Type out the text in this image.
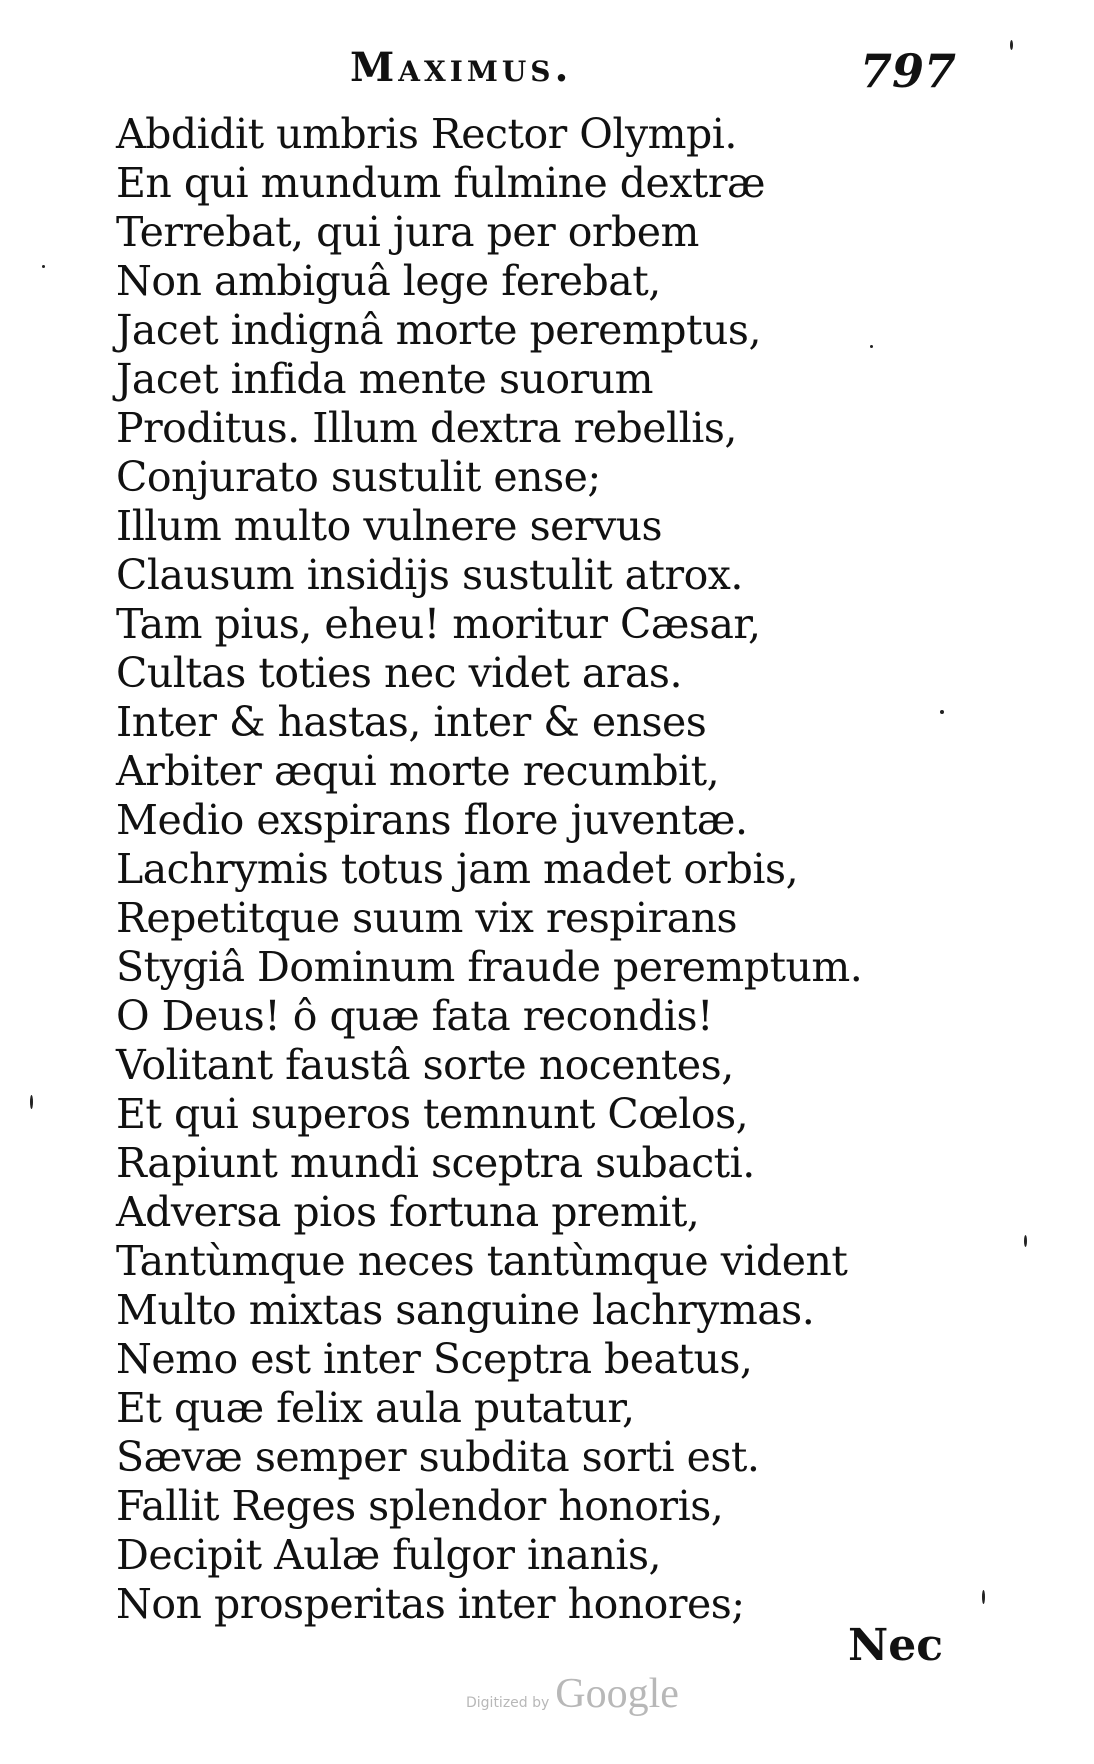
Maximus.	797
Abdidit umbris Rector Olympi.
En qui mundum fulmine dextræ
Terrebat, qui jura per orbem
Non ambiguâ lege ferebat,
Jacet indignâ morte peremptus,
Jacet infida mente suorum
Proditus. Illum dextra rebellis,
Conjurato sustulit ense;
Illum multo vulnere servus
Clausum insidijs sustulit atrox.
Tam pius, eheu! moritur Cæsar,
Cultas toties nec videt aras.
Inter & hastas, inter & enses
Arbiter æqui morte recumbit,
Medio exspirans flore juventæ.
Lachrymis totus jam madet orbis,
Repetitque suum vix respirans
Stygiâ Dominum fraude peremptum.
O Deus! ô quæ fata recondis!
Volitant faustâ sorte nocentes,
Et qui superos temnunt Cœlos,
Rapiunt mundi sceptra subacti.
Adversa pios fortuna premit,
Tantùmque neces tantùmque vident
Multo mixtas sanguine lachrymas.
Nemo est inter Sceptra beatus,
Et quæ felix aula putatur,
Sævæ semper subdita sorti est.
Fallit Reges splendor honoris,
Decipit Aulæ fulgor inanis,
Non prosperitas inter honores;
Nec
Digitized by Google
